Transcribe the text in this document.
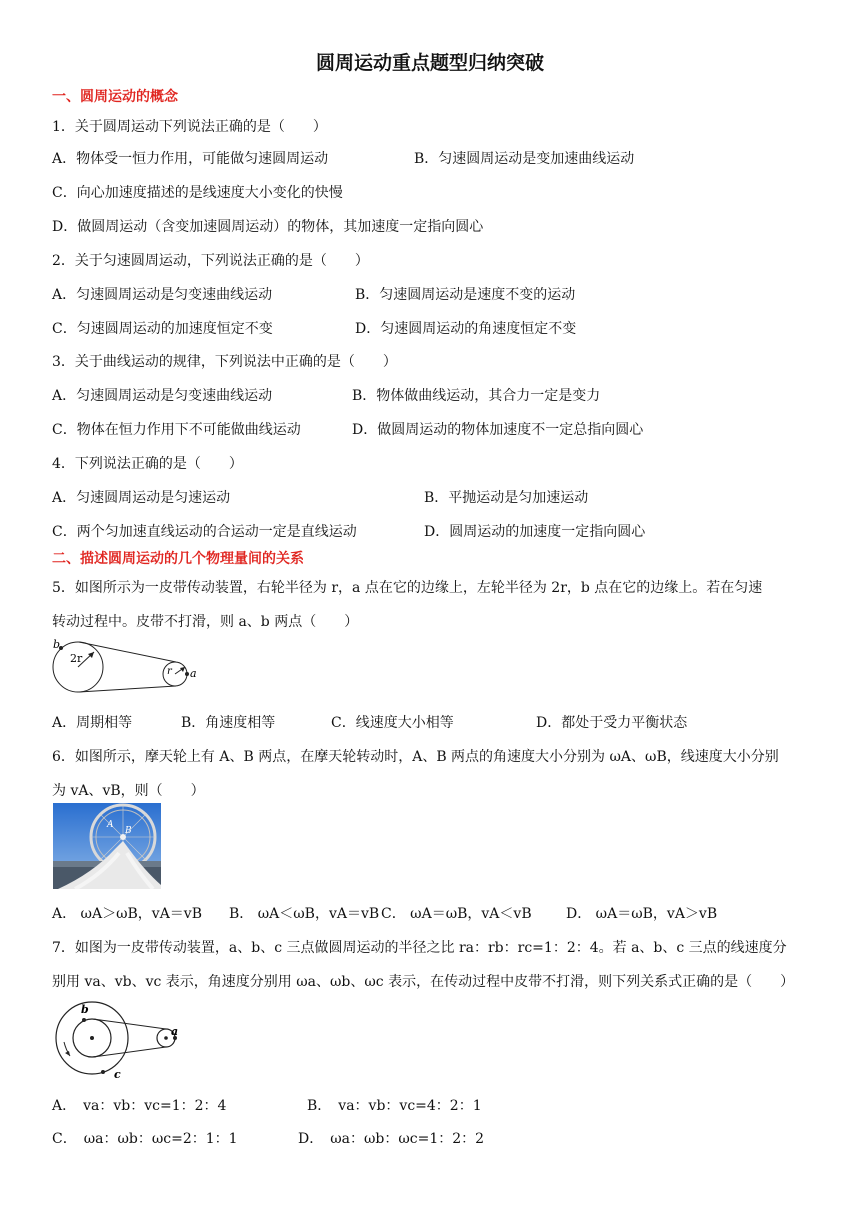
圆周运动重点题型归纳突破
一、圆周运动的概念
1．关于圆周运动下列说法正确的是（　　）
A．物体受一恒力作用，可能做匀速圆周运动	B．匀速圆周运动是变加速曲线运动
C．向心加速度描述的是线速度大小变化的快慢
D．做圆周运动（含变加速圆周运动）的物体，其加速度一定指向圆心
2．关于匀速圆周运动，下列说法正确的是（　　）
A．匀速圆周运动是匀变速曲线运动	B．匀速圆周运动是速度不变的运动
C．匀速圆周运动的加速度恒定不变	D．匀速圆周运动的角速度恒定不变
3．关于曲线运动的规律，下列说法中正确的是（　　）
A．匀速圆周运动是匀变速曲线运动	B．物体做曲线运动，其合力一定是变力
C．物体在恒力作用下不可能做曲线运动	D．做圆周运动的物体加速度不一定总指向圆心
4．下列说法正确的是（　　）
A．匀速圆周运动是匀速运动	B．平抛运动是匀加速运动
C．两个匀加速直线运动的合运动一定是直线运动	D．圆周运动的加速度一定指向圆心
二、描述圆周运动的几个物理量间的关系
5．如图所示为一皮带传动装置，右轮半径为 r，a 点在它的边缘上，左轮半径为 2r，b 点在它的边缘上。若在匀速
转动过程中。皮带不打滑，则 a、b 两点（　　）
b
2r
r a
A．周期相等	B．角速度相等	C．线速度大小相等	D．都处于受力平衡状态
6．如图所示，摩天轮上有 A、B 两点，在摩天轮转动时，A、B 两点的角速度大小分别为 ωA、ωB，线速度大小分别
为 vA、vB，则（　　）
A
B
A． ωA＞ωB，vA＝vB B． ωA＜ωB，vA＝vB C． ωA＝ωB，vA＜vB D． ωA＝ωB，vA＞vB
7．如图为一皮带传动装置，a、b、c 三点做圆周运动的半径之比 ra：rb：rc=1：2：4。若 a、b、c 三点的线速度分
别用 va、vb、vc 表示，角速度分别用 ωa、ωb、ωc 表示，在传动过程中皮带不打滑，则下列关系式正确的是（　　）
b
c
a
A．　va：vb：vc=1：2：4	B．　va：vb：vc=4：2：1
C．　ωa：ωb：ωc=2：1：1	D．　ωa：ωb：ωc=1：2：2
